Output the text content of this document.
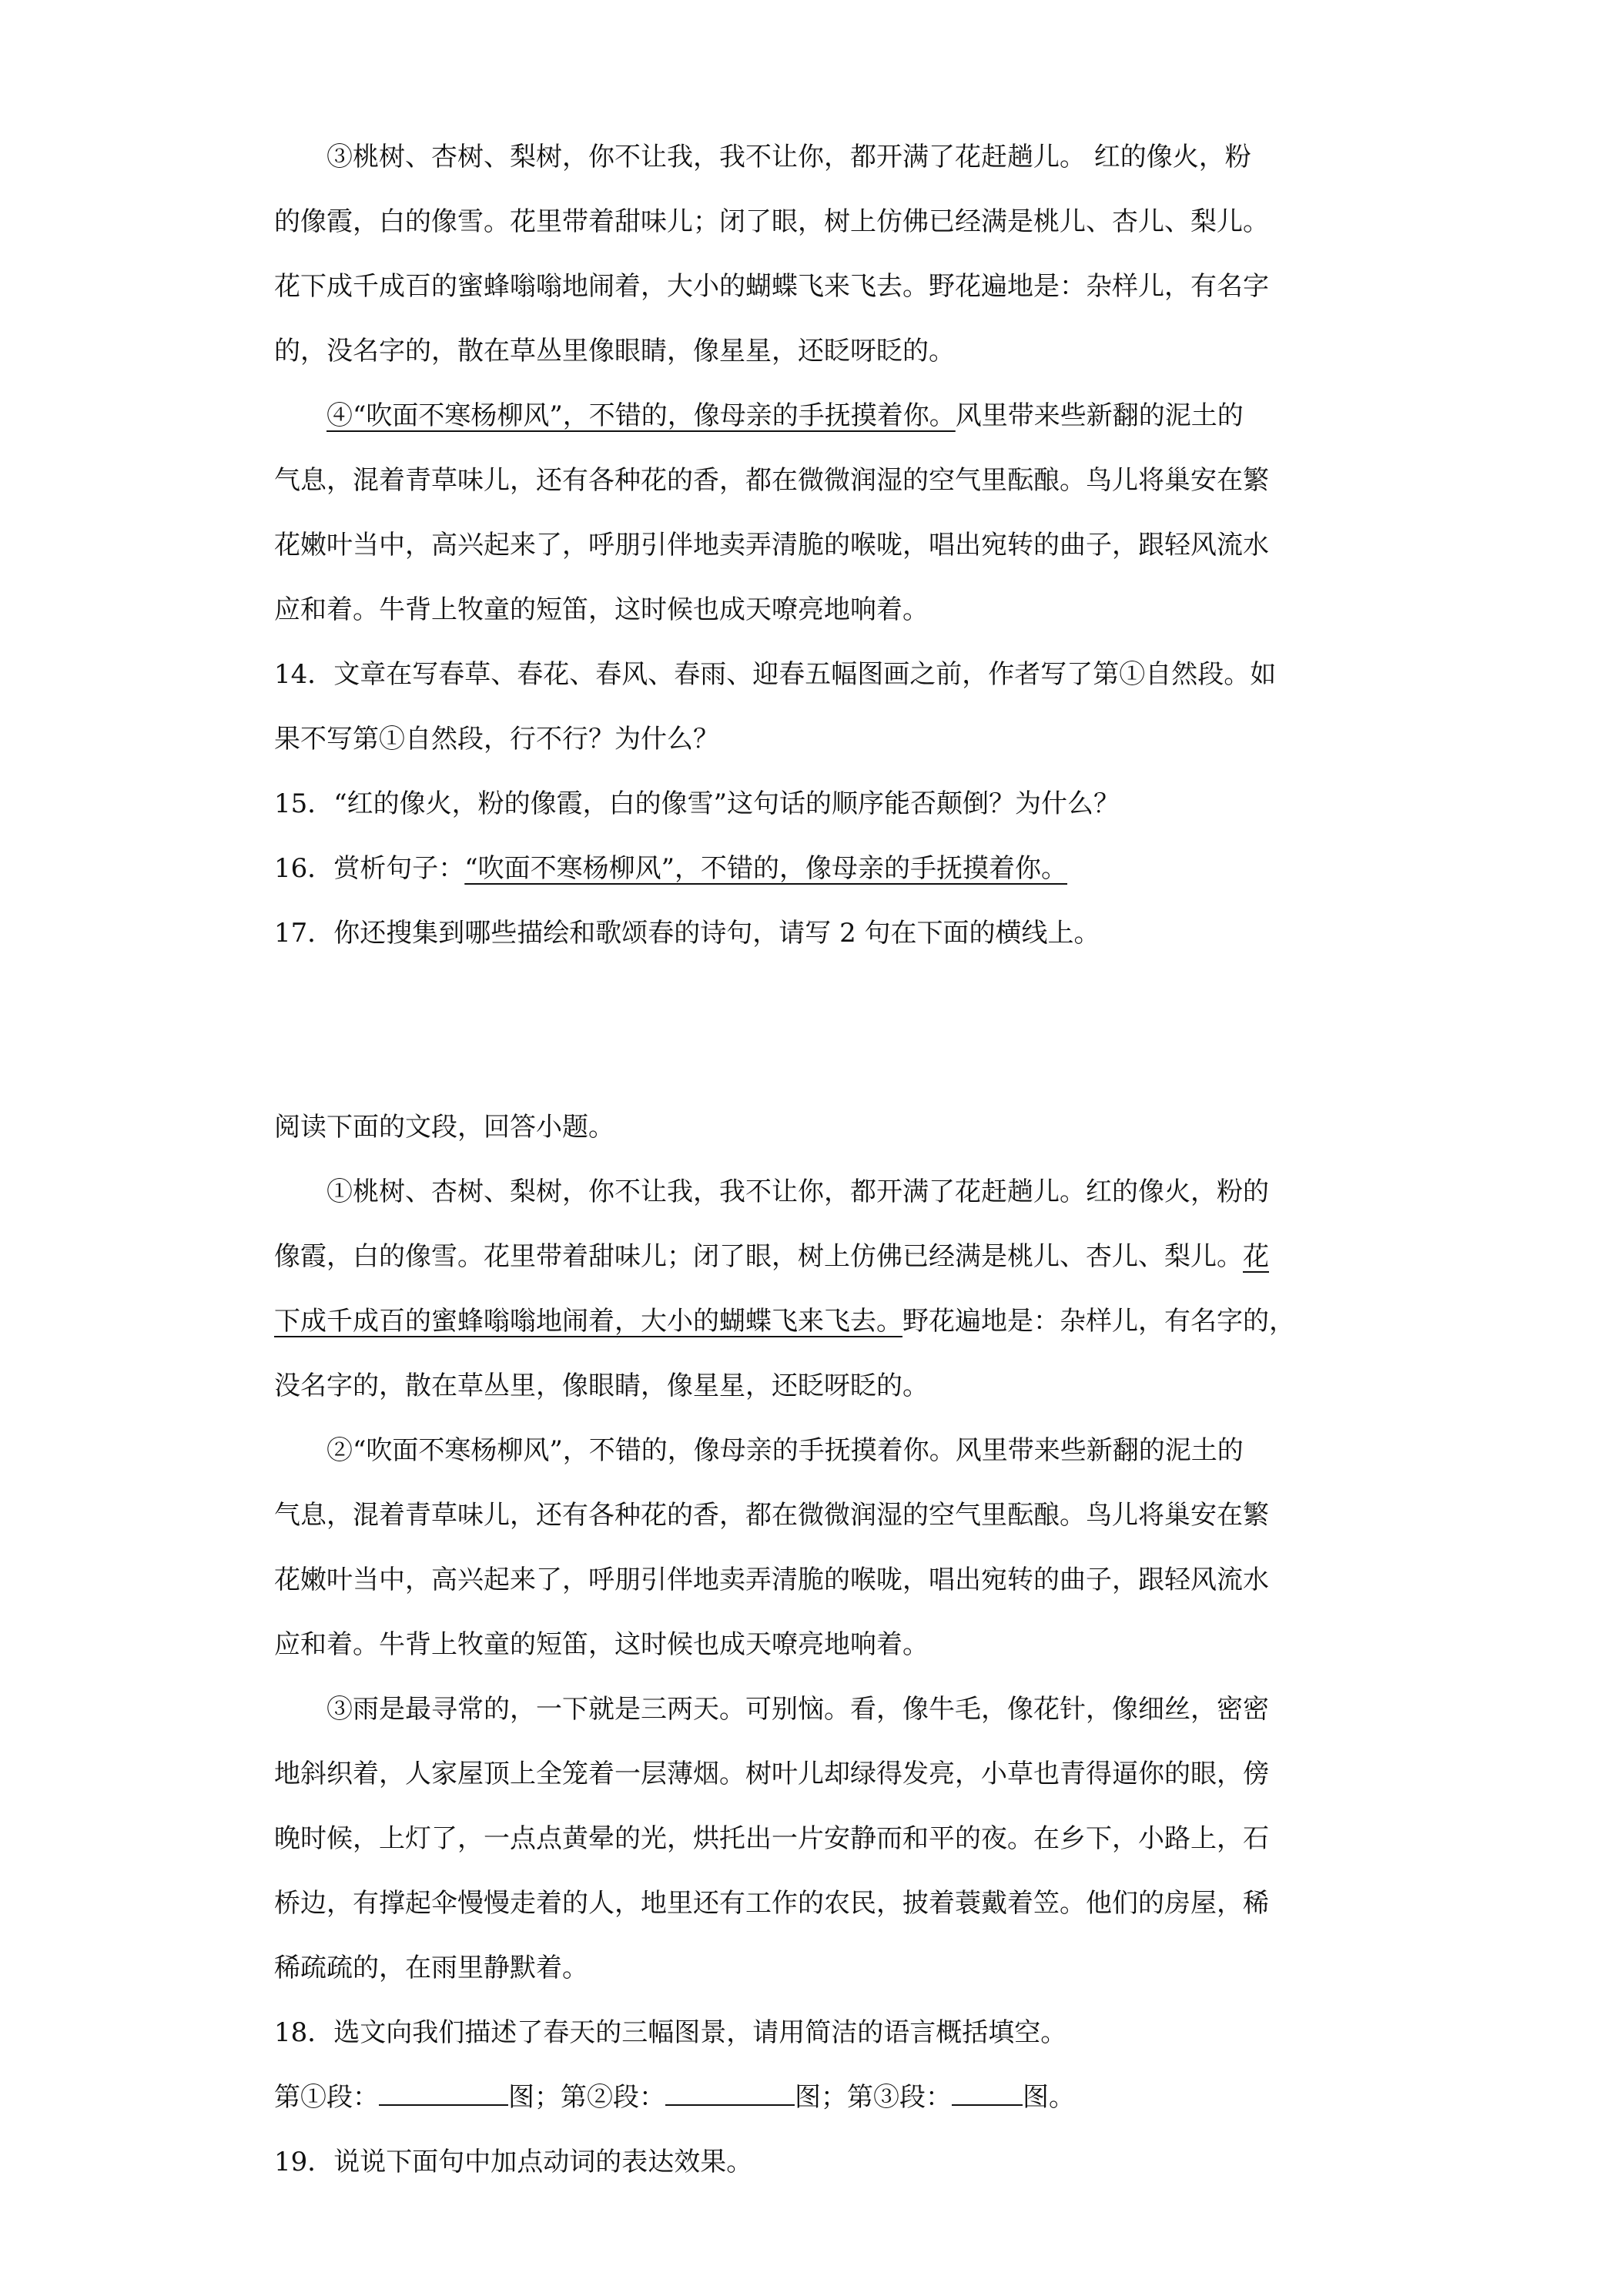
③桃树、杏树、梨树，你不让我，我不让你，都开满了花赶趟儿。 红的像火，粉
的像霞，白的像雪。花里带着甜味儿；闭了眼，树上仿佛已经满是桃儿、杏儿、梨儿。
花下成千成百的蜜蜂嗡嗡地闹着，大小的蝴蝶飞来飞去。野花遍地是：杂样儿，有名字
的，没名字的，散在草丛里像眼睛，像星星，还眨呀眨的。
④“吹面不寒杨柳风”，不错的，像母亲的手抚摸着你。风里带来些新翻的泥土的
气息，混着青草味儿，还有各种花的香，都在微微润湿的空气里酝酿。鸟儿将巢安在繁
花嫩叶当中，高兴起来了，呼朋引伴地卖弄清脆的喉咙，唱出宛转的曲子，跟轻风流水
应和着。牛背上牧童的短笛，这时候也成天嘹亮地响着。
14．文章在写春草、春花、春风、春雨、迎春五幅图画之前，作者写了第①自然段。如
果不写第①自然段，行不行？为什么？
15．“红的像火，粉的像霞，白的像雪”这句话的顺序能否颠倒？为什么？
16．赏析句子：“吹面不寒杨柳风”，不错的，像母亲的手抚摸着你。
17．你还搜集到哪些描绘和歌颂春的诗句，请写 2 句在下面的横线上。
阅读下面的文段，回答小题。
①桃树、杏树、梨树，你不让我，我不让你，都开满了花赶趟儿。红的像火，粉的
像霞，白的像雪。花里带着甜味儿；闭了眼，树上仿佛已经满是桃儿、杏儿、梨儿。花
下成千成百的蜜蜂嗡嗡地闹着，大小的蝴蝶飞来飞去。野花遍地是：杂样儿，有名字的，
没名字的，散在草丛里，像眼睛，像星星，还眨呀眨的。
②“吹面不寒杨柳风”，不错的，像母亲的手抚摸着你。风里带来些新翻的泥土的
气息，混着青草味儿，还有各种花的香，都在微微润湿的空气里酝酿。鸟儿将巢安在繁
花嫩叶当中，高兴起来了，呼朋引伴地卖弄清脆的喉咙，唱出宛转的曲子，跟轻风流水
应和着。牛背上牧童的短笛，这时候也成天嘹亮地响着。
③雨是最寻常的，一下就是三两天。可别恼。看，像牛毛，像花针，像细丝，密密
地斜织着，人家屋顶上全笼着一层薄烟。树叶儿却绿得发亮，小草也青得逼你的眼，傍
晚时候，上灯了，一点点黄晕的光，烘托出一片安静而和平的夜。在乡下，小路上，石
桥边，有撑起伞慢慢走着的人，地里还有工作的农民，披着蓑戴着笠。他们的房屋，稀
稀疏疏的，在雨里静默着。
18．选文向我们描述了春天的三幅图景，请用简洁的语言概括填空。
第①段：	图；第②段：	图；第③段：	图。
19．说说下面句中加点动词的表达效果。
